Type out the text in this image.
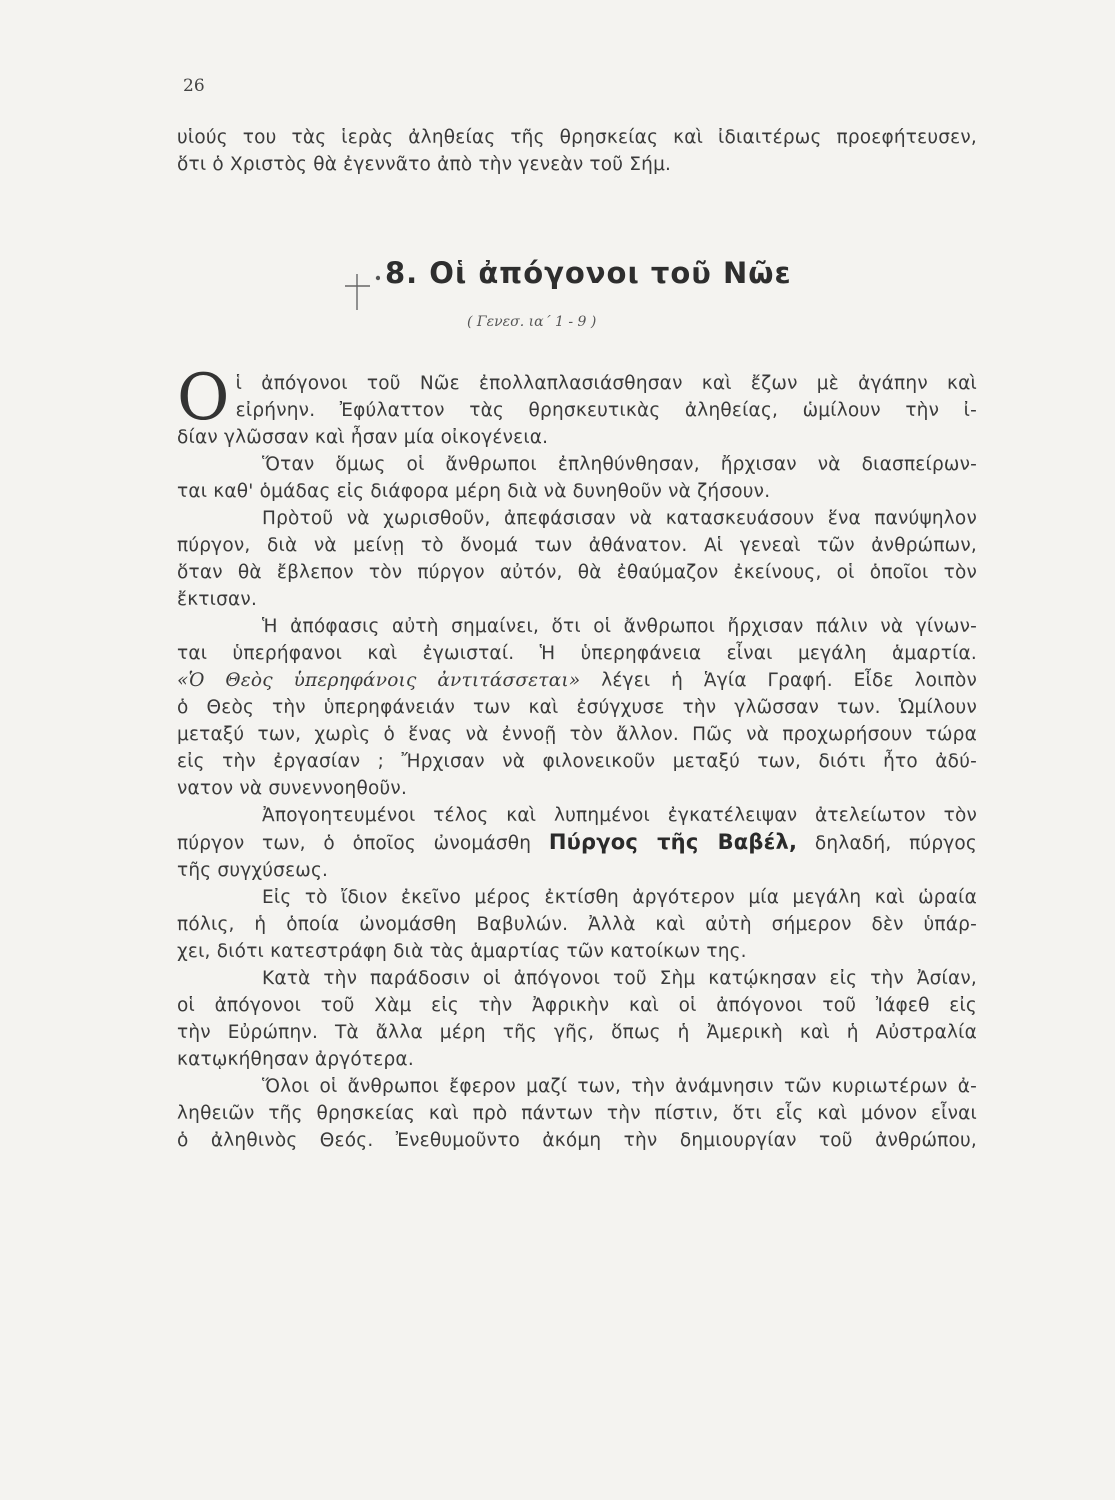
26

υἱούς του τὰς ἱερὰς ἀληθείας τῆς θρησκείας καὶ ἰδιαιτέρως προεφήτευσεν,

ὅτι ὁ Χριστὸς θὰ ἐγεννᾶτο ἀπὸ τὴν γενεὰν τοῦ Σήμ.

8. Οἱ ἀπόγονοι τοῦ Νῶε
( Γενεσ. ια΄ 1 - 9 )
Ο ἱ ἀπόγονοι τοῦ Νῶε ἐπολλαπλασιάσθησαν καὶ ἔζων μὲ ἀγάπην καὶ

εἰρήνην. Ἐφύλαττον τὰς θρησκευτικὰς ἀληθείας, ὡμίλουν τὴν ἰ-

δίαν γλῶσσαν καὶ ἦσαν μία οἰκογένεια.

Ὅταν ὅμως οἱ ἄνθρωποι ἐπληθύνθησαν, ἤρχισαν νὰ διασπείρων-

ται καθ' ὁμάδας εἰς διάφορα μέρη διὰ νὰ δυνηθοῦν νὰ ζήσουν.

Πρὸτοῦ νὰ χωρισθοῦν, ἀπεφάσισαν νὰ κατασκευάσουν ἕνα πανύψηλον

πύργον, διὰ νὰ μείνῃ τὸ ὄνομά των ἀθάνατον. Αἱ γενεαὶ τῶν ἀνθρώπων,

ὅταν θὰ ἔβλεπον τὸν πύργον αὐτόν, θὰ ἐθαύμαζον ἐκείνους, οἱ ὁποῖοι τὸν

ἔκτισαν.

Ἡ ἀπόφασις αὐτὴ σημαίνει, ὅτι οἱ ἄνθρωποι ἤρχισαν πάλιν νὰ γίνων-

ται ὑπερήφανοι καὶ ἐγωισταί. Ἡ ὑπερηφάνεια εἶναι μεγάλη ἁμαρτία.

«Ὁ Θεὸς ὑπερηφάνοις ἀντιτάσσεται» λέγει ἡ Ἁγία Γραφή. Εἶδε λοιπὸν

ὁ Θεὸς τὴν ὑπερηφάνειάν των καὶ ἐσύγχυσε τὴν γλῶσσαν των. Ὡμίλουν

μεταξύ των, χωρὶς ὁ ἕνας νὰ ἐννοῇ τὸν ἄλλον. Πῶς νὰ προχωρήσουν τώρα

εἰς τὴν ἐργασίαν ; Ἤρχισαν νὰ φιλονεικοῦν μεταξύ των, διότι ἦτο ἀδύ-

νατον νὰ συνεννοηθοῦν.

Ἀπογοητευμένοι τέλος καὶ λυπημένοι ἐγκατέλειψαν ἀτελείωτον τὸν

πύργον των, ὁ ὁποῖος ὠνομάσθη Πύργος τῆς Βαβέλ, δηλαδή, πύργος

τῆς συγχύσεως.

Εἰς τὸ ἴδιον ἐκεῖνο μέρος ἐκτίσθη ἀργότερον μία μεγάλη καὶ ὡραία

πόλις, ἡ ὁποία ὠνομάσθη Βαβυλών. Ἀλλὰ καὶ αὐτὴ σήμερον δὲν ὑπάρ-

χει, διότι κατεστράφη διὰ τὰς ἁμαρτίας τῶν κατοίκων της.

Κατὰ τὴν παράδοσιν οἱ ἀπόγονοι τοῦ Σὴμ κατῴκησαν εἰς τὴν Ἀσίαν,

οἱ ἀπόγονοι τοῦ Χὰμ εἰς τὴν Ἀφρικὴν καὶ οἱ ἀπόγονοι τοῦ Ἰάφεθ εἰς

τὴν Εὐρώπην. Τὰ ἄλλα μέρη τῆς γῆς, ὅπως ἡ Ἀμερικὴ καὶ ἡ Αὐστραλία

κατῳκήθησαν ἀργότερα.

Ὅλοι οἱ ἄνθρωποι ἔφερον μαζί των, τὴν ἀνάμνησιν τῶν κυριωτέρων ἀ-

ληθειῶν τῆς θρησκείας καὶ πρὸ πάντων τὴν πίστιν, ὅτι εἷς καὶ μόνον εἶναι

ὁ ἀληθινὸς Θεός. Ἐνεθυμοῦντο ἀκόμη τὴν δημιουργίαν τοῦ ἀνθρώπου,
